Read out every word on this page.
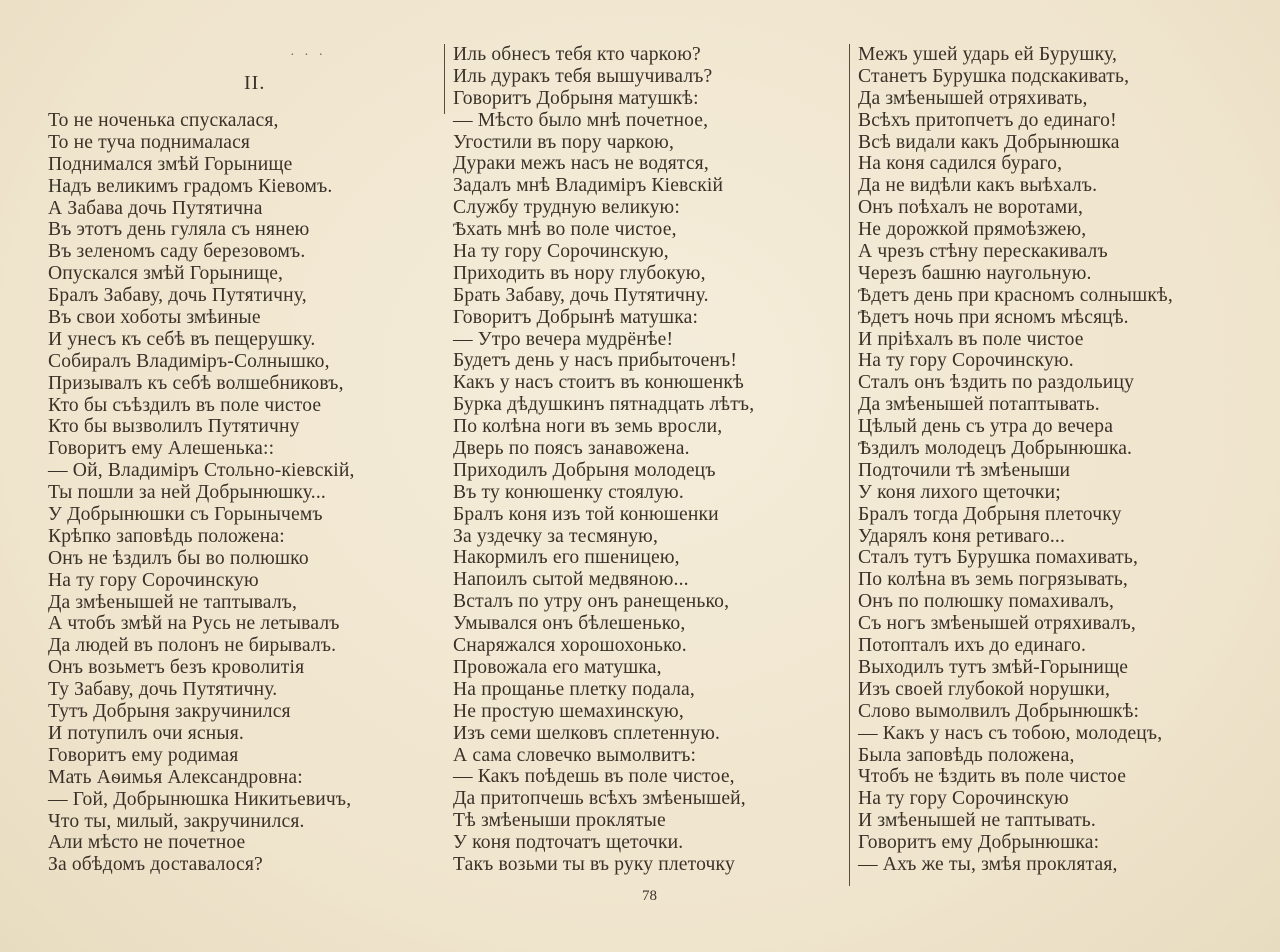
· · ·
II.
То не ноченька спускалася,
То не туча поднималася
Поднимался змѣй Горынище
Надъ великимъ градомъ Кіевомъ.
А Забава дочь Путятична
Въ этотъ день гуляла съ нянею
Въ зеленомъ саду березовомъ.
Опускался змѣй Горынище,
Бралъ Забаву, дочь Путятичну,
Въ свои хоботы змѣиные
И унесъ къ себѣ въ пещерушку.
Собиралъ Владиміръ-Солнышко,
Призывалъ къ себѣ волшебниковъ,
Кто бы съѣздилъ въ поле чистое
Кто бы вызволилъ Путятичну
Говоритъ ему Алешенька::
— Ой, Владиміръ Стольно-кіевскій,
Ты пошли за ней Добрынюшку...
У Добрынюшки съ Горынычемъ
Крѣпко заповѣдь положена:
Онъ не ѣздилъ бы во полюшко
На ту гору Сорочинскую
Да змѣенышей не таптывалъ,
А чтобъ змѣй на Русь не летывалъ
Да людей въ полонъ не бирывалъ.
Онъ возьметъ безъ кроволитія
Ту Забаву, дочь Путятичну.
Тутъ Добрыня закручинился
И потупилъ очи ясныя.
Говоритъ ему родимая
Мать Аѳимья Александровна:
— Гой, Добрынюшка Никитьевичъ,
Что ты, милый, закручинился.
Али мѣсто не почетное
За обѣдомъ доставалося?
Иль обнесъ тебя кто чаркою?
Иль дуракъ тебя вышучивалъ?
Говоритъ Добрыня матушкѣ:
— Мѣсто было мнѣ почетное,
Угостили въ пору чаркою,
Дураки межъ насъ не водятся,
Задалъ мнѣ Владиміръ Кіевскій
Службу трудную великую:
Ѣхать мнѣ во поле чистое,
На ту гору Сорочинскую,
Приходить въ нору глубокую,
Брать Забаву, дочь Путятичну.
Говоритъ Добрынѣ матушка:
— Утро вечера мудрёнѣе!
Будетъ день у насъ прибыточенъ!
Какъ у насъ стоитъ въ конюшенкѣ
Бурка дѣдушкинъ пятнадцать лѣтъ,
По колѣна ноги въ земь вросли,
Дверь по поясъ занавожена.
Приходилъ Добрыня молодецъ
Въ ту конюшенку стоялую.
Бралъ коня изъ той конюшенки
За уздечку за тесмяную,
Накормилъ его пшеницею,
Напоилъ сытой медвяною...
Всталъ по утру онъ ранещенько,
Умывался онъ бѣлешенько,
Снаряжался хорошохонько.
Провожала его матушка,
На прощанье плетку подала,
Не простую шемахинскую,
Изъ семи шелковъ сплетенную.
А сама словечко вымолвитъ:
— Какъ поѣдешь въ поле чистое,
Да притопчешь всѣхъ змѣенышей,
Тѣ змѣеныши проклятые
У коня подточатъ щеточки.
Такъ возьми ты въ руку плеточку
Межъ ушей ударь ей Бурушку,
Станетъ Бурушка подскакивать,
Да змѣенышей отряхивать,
Всѣхъ притопчетъ до единаго!
Всѣ видали какъ Добрынюшка
На коня садился бураго,
Да не видѣли какъ выѣхалъ.
Онъ поѣхалъ не воротами,
Не дорожкой прямоѣзжею,
А чрезъ стѣну перескакивалъ
Черезъ башню наугольную.
Ѣдетъ день при красномъ солнышкѣ,
Ѣдетъ ночь при ясномъ мѣсяцѣ.
И пріѣхалъ въ поле чистое
На ту гору Сорочинскую.
Сталъ онъ ѣздить по раздольицу
Да змѣенышей потаптывать.
Цѣлый день съ утра до вечера
Ѣздилъ молодецъ Добрынюшка.
Подточили тѣ змѣеныши
У коня лихого щеточки;
Бралъ тогда Добрыня плеточку
Ударялъ коня ретиваго...
Сталъ тутъ Бурушка помахивать,
По колѣна въ земь погрязывать,
Онъ по полюшку помахивалъ,
Съ ногъ змѣенышей отряхивалъ,
Потопталъ ихъ до единаго.
Выходилъ тутъ змѣй-Горынище
Изъ своей глубокой норушки,
Слово вымолвилъ Добрынюшкѣ:
— Какъ у насъ съ тобою, молодецъ,
Была заповѣдь положена,
Чтобъ не ѣздить въ поле чистое
На ту гору Сорочинскую
И змѣенышей не таптывать.
Говоритъ ему Добрынюшка:
— Ахъ же ты, змѣя проклятая,
78
